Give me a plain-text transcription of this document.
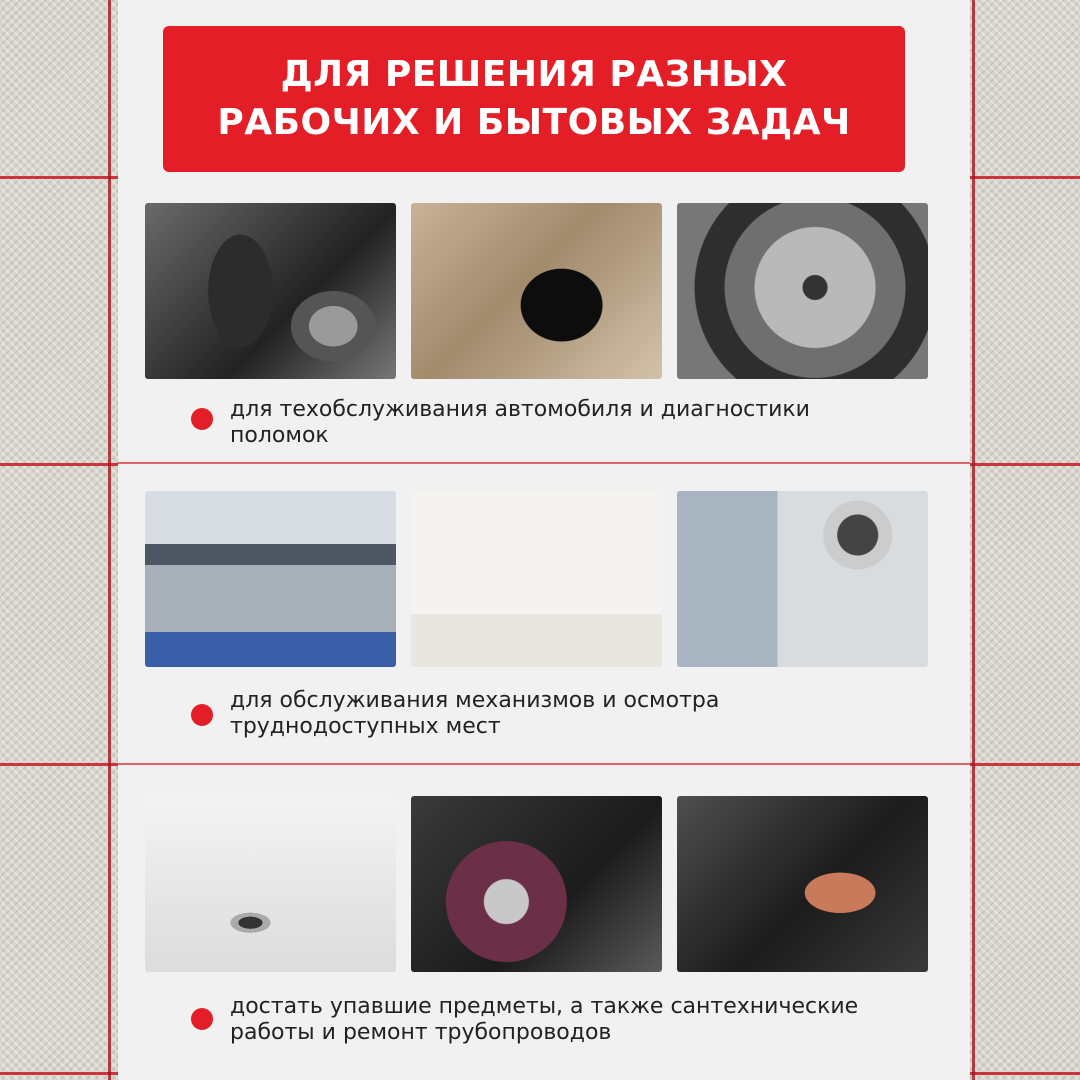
ДЛЯ РЕШЕНИЯ РАЗНЫХ
РАБОЧИХ И БЫТОВЫХ ЗАДАЧ
для техобслуживания автомобиля и диагностики
поломок
для обслуживания механизмов и осмотра
труднодоступных мест
достать упавшие предметы, а также сантехнические
работы и ремонт трубопроводов
